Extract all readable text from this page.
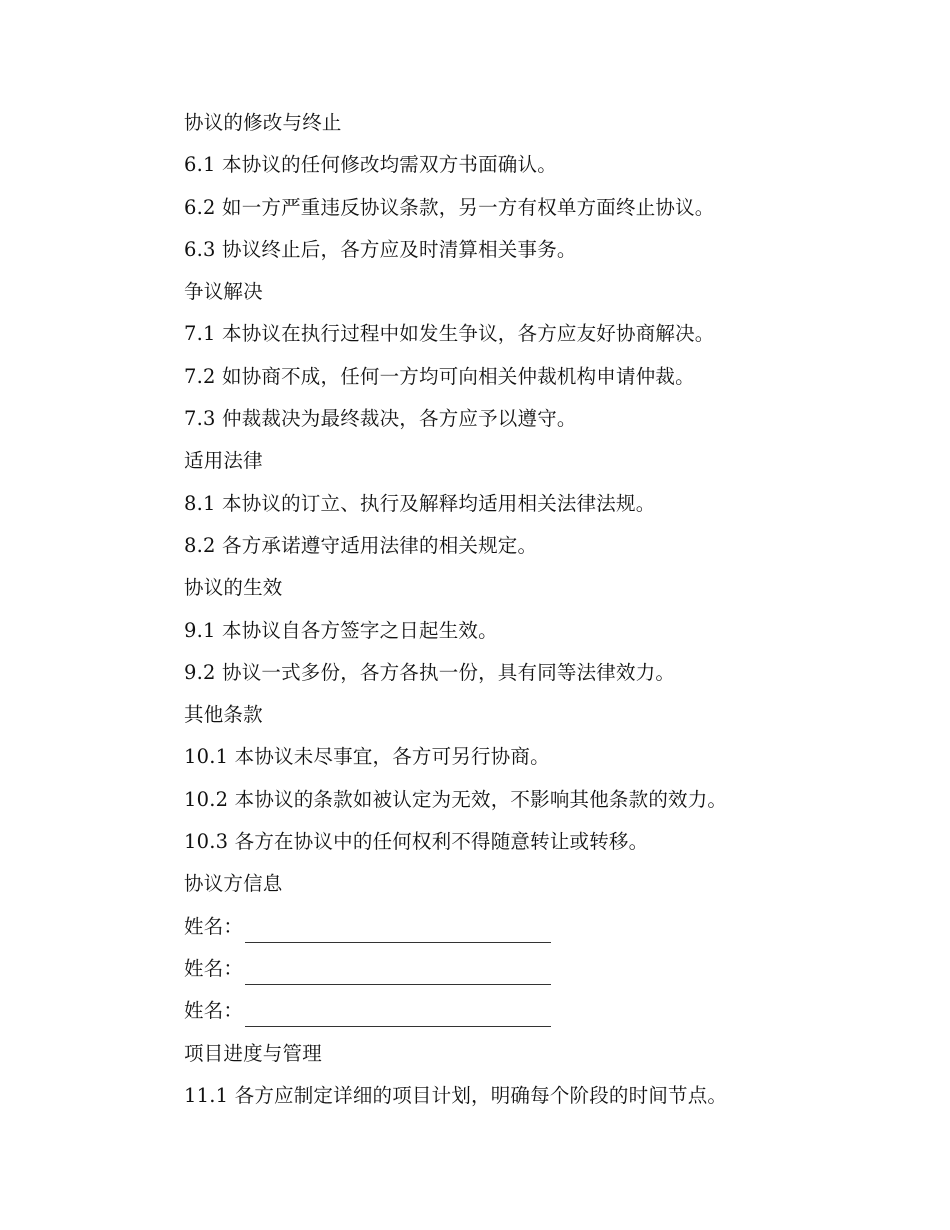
协议的修改与终止
6.1 本协议的任何修改均需双方书面确认。
6.2 如一方严重违反协议条款，另一方有权单方面终止协议。
6.3 协议终止后，各方应及时清算相关事务。
争议解决
7.1 本协议在执行过程中如发生争议，各方应友好协商解决。
7.2 如协商不成，任何一方均可向相关仲裁机构申请仲裁。
7.3 仲裁裁决为最终裁决，各方应予以遵守。
适用法律
8.1 本协议的订立、执行及解释均适用相关法律法规。
8.2 各方承诺遵守适用法律的相关规定。
协议的生效
9.1 本协议自各方签字之日起生效。
9.2 协议一式多份，各方各执一份，具有同等法律效力。
其他条款
10.1 本协议未尽事宜，各方可另行协商。
10.2 本协议的条款如被认定为无效，不影响其他条款的效力。
10.3 各方在协议中的任何权利不得随意转让或转移。
协议方信息
姓名：
姓名：
姓名：
项目进度与管理
11.1 各方应制定详细的项目计划，明确每个阶段的时间节点。
